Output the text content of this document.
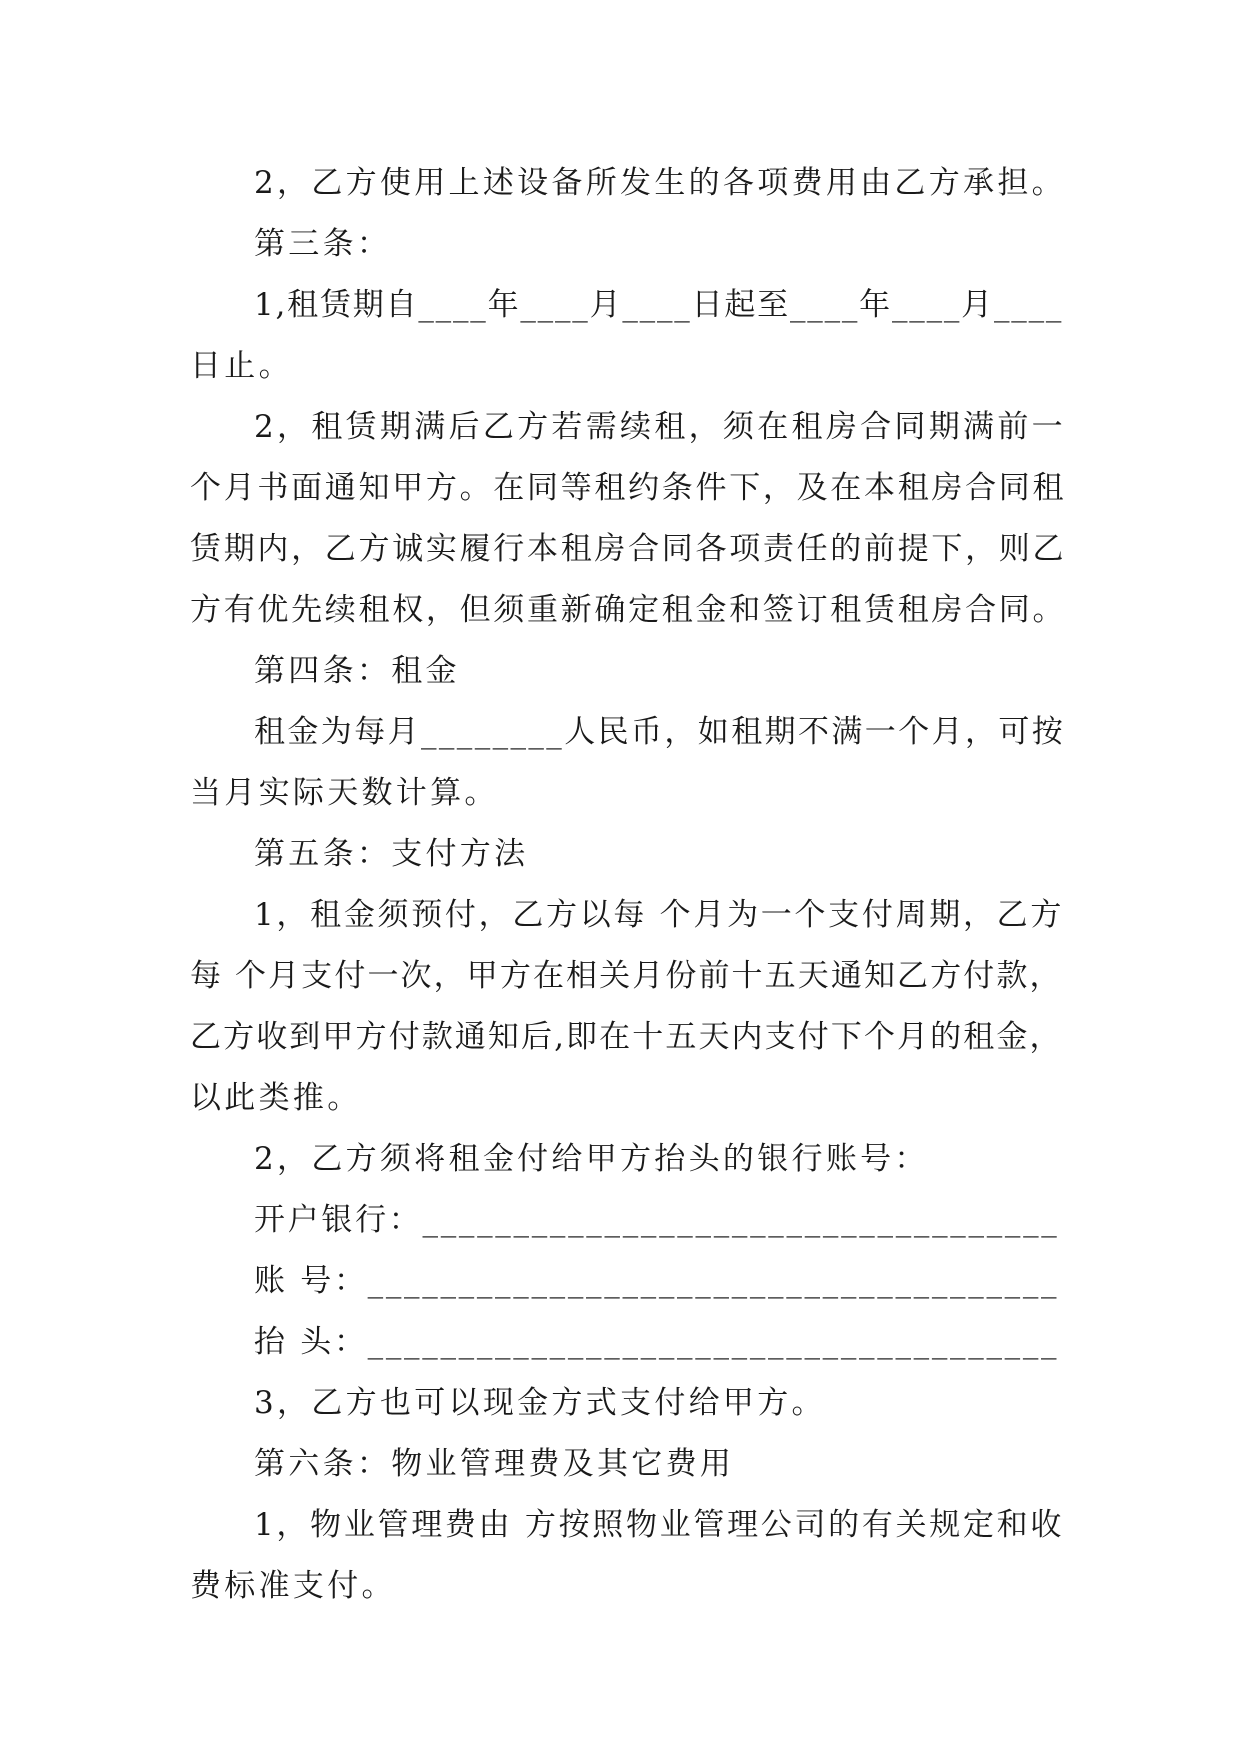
2，乙方使用上述设备所发生的各项费用由乙方承担。
第三条：
1,租赁期自____年____月____日起至____年____月____
日止。
2，租赁期满后乙方若需续租，须在租房合同期满前一
个月书面通知甲方。在同等租约条件下，及在本租房合同租
赁期内，乙方诚实履行本租房合同各项责任的前提下，则乙
方有优先续租权，但须重新确定租金和签订租赁租房合同。
第四条：租金
租金为每月________人民币，如租期不满一个月，可按
当月实际天数计算。
第五条：支付方法
1，租金须预付，乙方以每 个月为一个支付周期，乙方
每 个月支付一次，甲方在相关月份前十五天通知乙方付款，
乙方收到甲方付款通知后,即在十五天内支付下个月的租金，
以此类推。
2，乙方须将租金付给甲方抬头的银行账号：
开户银行：___________________________________
账 号：______________________________________
抬 头：______________________________________
3，乙方也可以现金方式支付给甲方。
第六条：物业管理费及其它费用
1，物业管理费由 方按照物业管理公司的有关规定和收
费标准支付。
